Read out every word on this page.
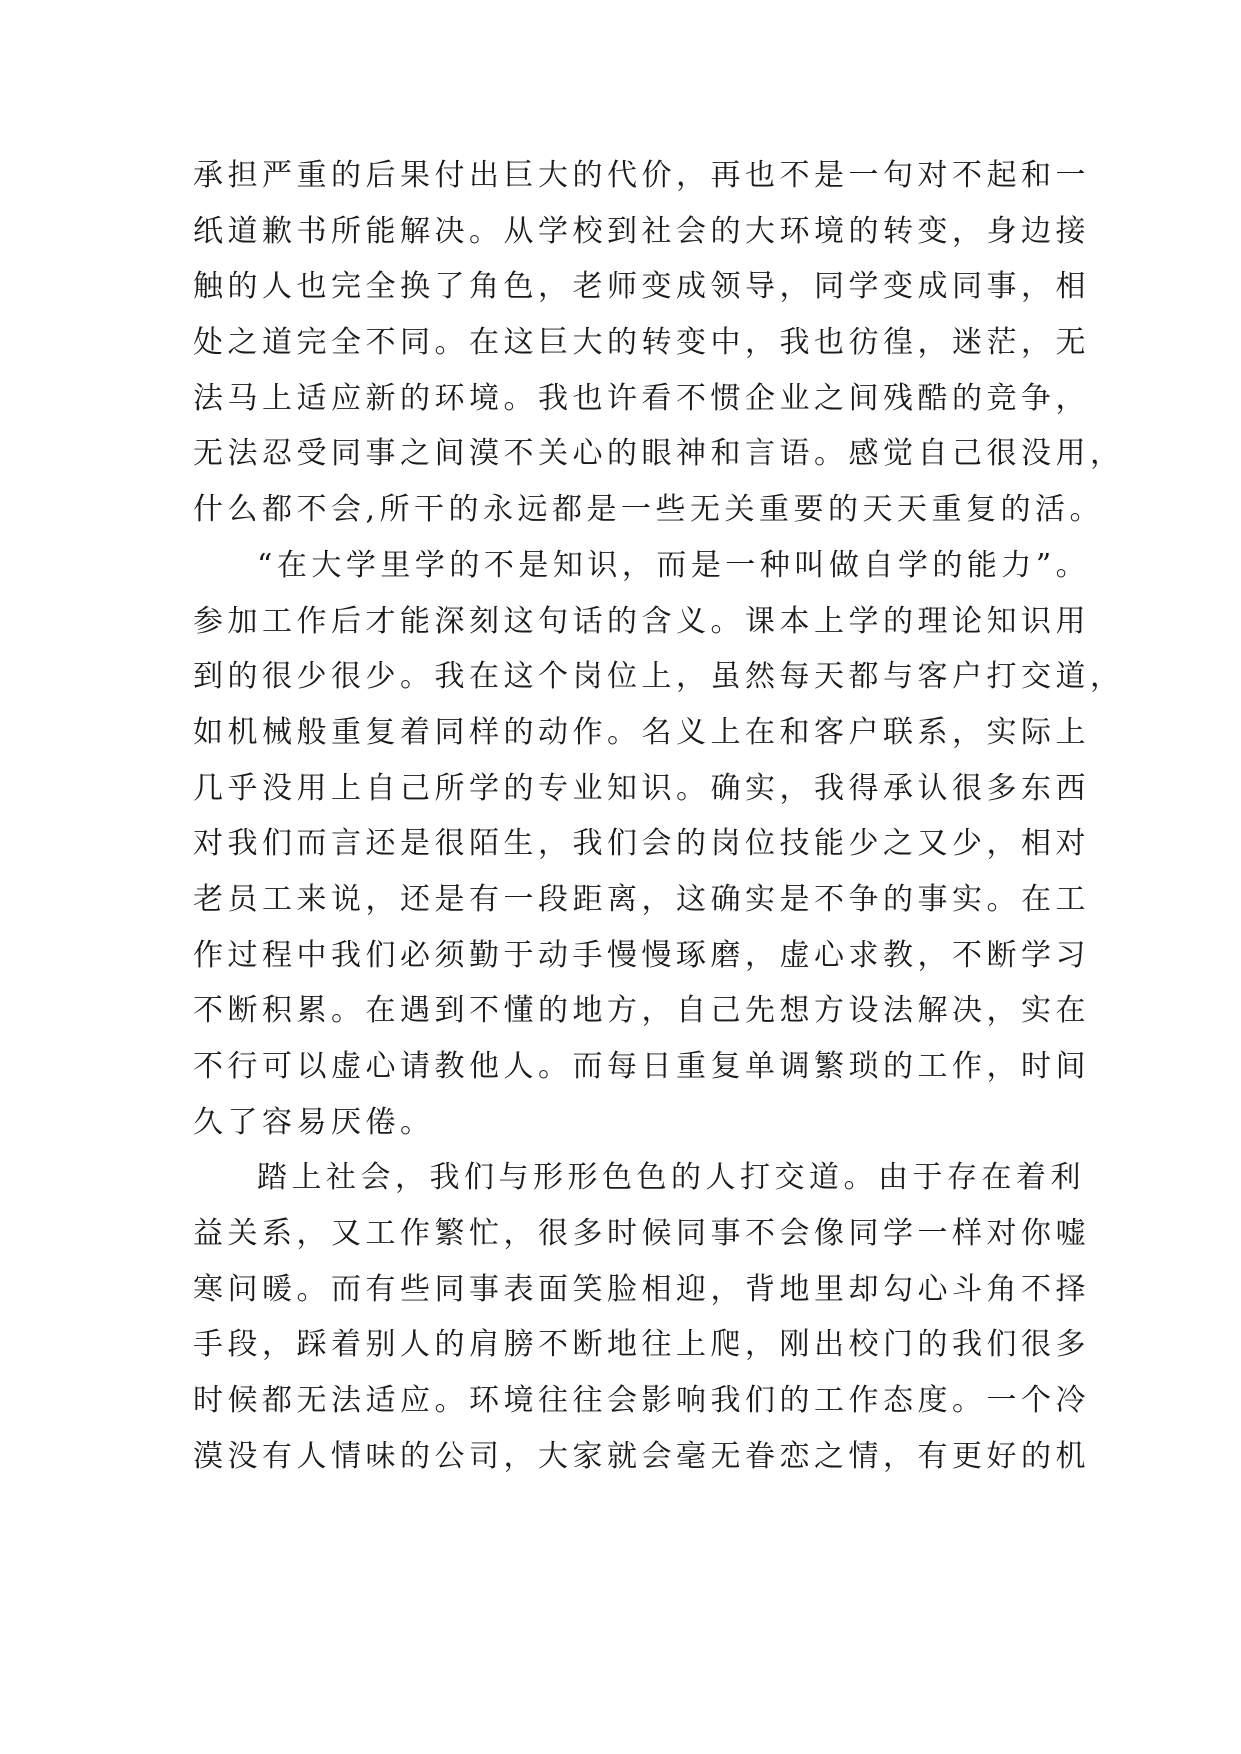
承担严重的后果付出巨大的代价，再也不是一句对不起和一
纸道歉书所能解决。从学校到社会的大环境的转变，身边接
触的人也完全换了角色，老师变成领导，同学变成同事，相
处之道完全不同。在这巨大的转变中，我也彷徨，迷茫，无
法马上适应新的环境。我也许看不惯企业之间残酷的竞争，
无法忍受同事之间漠不关心的眼神和言语。感觉自己很没用，
什么都不会,所干的永远都是一些无关重要的天天重复的活。
“在大学里学的不是知识，而是一种叫做自学的能力”。
参加工作后才能深刻这句话的含义。课本上学的理论知识用
到的很少很少。我在这个岗位上，虽然每天都与客户打交道，
如机械般重复着同样的动作。名义上在和客户联系，实际上
几乎没用上自己所学的专业知识。确实，我得承认很多东西
对我们而言还是很陌生，我们会的岗位技能少之又少，相对
老员工来说，还是有一段距离，这确实是不争的事实。在工
作过程中我们必须勤于动手慢慢琢磨，虚心求教，不断学习
不断积累。在遇到不懂的地方，自己先想方设法解决，实在
不行可以虚心请教他人。而每日重复单调繁琐的工作，时间
久了容易厌倦。
踏上社会，我们与形形色色的人打交道。由于存在着利
益关系，又工作繁忙，很多时候同事不会像同学一样对你嘘
寒问暖。而有些同事表面笑脸相迎，背地里却勾心斗角不择
手段，踩着别人的肩膀不断地往上爬，刚出校门的我们很多
时候都无法适应。环境往往会影响我们的工作态度。一个冷
漠没有人情味的公司，大家就会毫无眷恋之情，有更好的机
